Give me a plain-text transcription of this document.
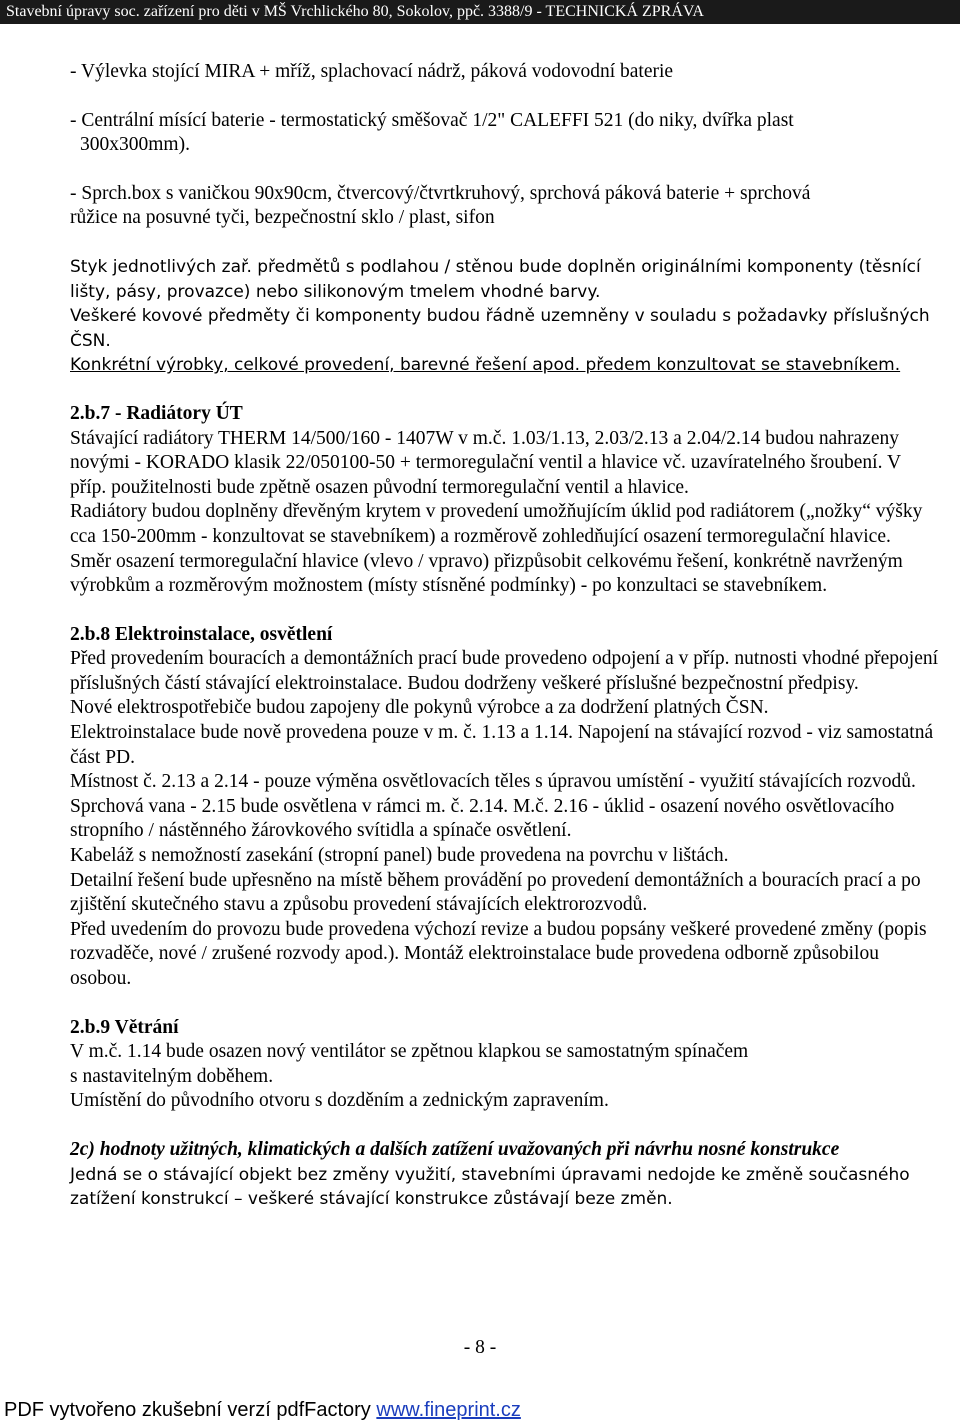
Stavební úpravy soc. zařízení pro děti v MŠ Vrchlického 80, Sokolov, ppč. 3388/9 - TECHNICKÁ ZPRÁVA

- Výlevka stojící MIRA + mříž, splachovací nádrž, páková vodovodní baterie

- Centrální mísící baterie - termostatický směšovač 1/2" CALEFFI 521 (do niky, dvířka plast

300x300mm).

- Sprch.box s vaničkou 90x90cm, čtvercový/čtvrtkruhový, sprchová páková baterie + sprchová

růžice na posuvné tyči, bezpečnostní sklo / plast, sifon

Styk jednotlivých zař. předmětů s podlahou / stěnou bude doplněn originálními komponenty (těsnící lišty, pásy, provazce) nebo silikonovým tmelem vhodné barvy.

Veškeré kovové předměty či komponenty budou řádně uzemněny v souladu s požadavky příslušných ČSN.

Konkrétní výrobky, celkové provedení, barevné řešení apod. předem konzultovat se stavebníkem.

2.b.7 - Radiátory ÚT

Stávající radiátory THERM 14/500/160 - 1407W v m.č. 1.03/1.13, 2.03/2.13 a 2.04/2.14 budou nahrazeny novými - KORADO klasik 22/050100-50 + termoregulační ventil a hlavice vč. uzavíratelného šroubení. V příp. použitelnosti bude zpětně osazen původní termoregulační ventil a hlavice.

Radiátory budou doplněny dřevěným krytem v provedení umožňujícím úklid pod radiátorem („nožky“ výšky cca 150-200mm - konzultovat se stavebníkem) a rozměrově zohledňující osazení termoregulační hlavice.

Směr osazení termoregulační hlavice (vlevo / vpravo) přizpůsobit celkovému řešení, konkrétně navrženým výrobkům a rozměrovým možnostem (místy stísněné podmínky) - po konzultaci se stavebníkem.

2.b.8 Elektroinstalace, osvětlení

Před provedením bouracích a demontážních prací bude provedeno odpojení a v příp. nutnosti vhodné přepojení příslušných částí stávající elektroinstalace. Budou dodrženy veškeré příslušné bezpečnostní předpisy.

Nové elektrospotřebiče budou zapojeny dle pokynů výrobce a za dodržení platných ČSN.

Elektroinstalace bude nově provedena pouze v m. č. 1.13 a 1.14. Napojení na stávající rozvod - viz samostatná část PD.

Místnost č. 2.13 a 2.14 - pouze výměna osvětlovacích těles s úpravou umístění - využití stávajících rozvodů. Sprchová vana - 2.15 bude osvětlena v rámci m. č. 2.14. M.č. 2.16 - úklid - osazení nového osvětlovacího stropního / nástěnného žárovkového svítidla a spínače osvětlení.

Kabeláž s nemožností zasekání (stropní panel) bude provedena na povrchu v lištách.

Detailní řešení bude upřesněno na místě během provádění po provedení demontážních a bouracích prací a po zjištění skutečného stavu a způsobu provedení stávajících elektrorozvodů.

Před uvedením do provozu bude provedena výchozí revize a budou popsány veškeré provedené změny (popis rozvaděče, nové / zrušené rozvody apod.). Montáž elektroinstalace bude provedena odborně způsobilou osobou.

2.b.9 Větrání

V m.č. 1.14 bude osazen nový ventilátor se zpětnou klapkou se samostatným spínačem

s nastavitelným doběhem.

Umístění do původního otvoru s dozděním a zednickým zapravením.

2c) hodnoty užitných, klimatických a dalších zatížení uvažovaných při návrhu nosné konstrukce

Jedná se o stávající objekt bez změny využití, stavebními úpravami nedojde ke změně současného zatížení konstrukcí – veškeré stávající konstrukce zůstávají beze změn.

- 8 -
PDF vytvořeno zkušební verzí pdfFactory www.fineprint.cz
